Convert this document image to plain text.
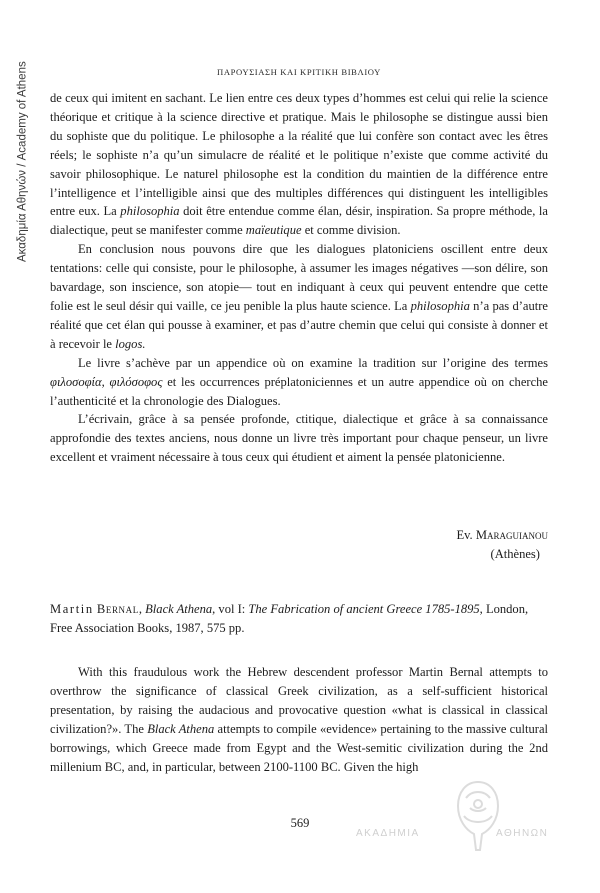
Ακαδημία Αθηνών / Academy of Athens	ΠΑΡΟΥΣΙΑΣΗ ΚΑΙ ΚΡΙΤΙΚΗ ΒΙΒΛΙΟΥ

de ceux qui imitent en sachant. Le lien entre ces deux types d’hommes est celui qui relie la science théorique et critique à la science directive et pratique. Mais le philosophe se distingue aussi bien du sophiste que du politique. Le philosophe a la réalité que lui confère son contact avec les êtres réels; le sophiste n’a qu’un simulacre de réalité et le politique n’existe que comme activité du savoir philosophique. Le naturel philosophe est la condition du maintien de la différence entre l’intelligence et l’intelligible ainsi que des multiples différences qui distinguent les intelligibles entre eux. La philosophia doit être entendue comme élan, désir, inspiration. Sa propre méthode, la dialectique, peut se manifester comme maïeutique et comme division.

En conclusion nous pouvons dire que les dialogues platoniciens oscillent entre deux tentations: celle qui consiste, pour le philosophe, à assumer les images négatives —son délire, son bavardage, son inscience, son atopie— tout en indiquant à ceux qui peuvent entendre que cette folie est le seul désir qui vaille, ce jeu penible la plus haute science. La philosophia n’a pas d’autre réalité que cet élan qui pousse à examiner, et pas d’autre chemin que celui qui consiste à donner et à recevoir le logos.

Le livre s’achève par un appendice où on examine la tradition sur l’origine des termes φιλοσοφία, φιλόσοφος et les occurrences préplatoniciennes et un autre appendice où on cherche l’authenticité et la chronologie des Dialogues.

L’écrivain, grâce à sa pensée profonde, ctitique, dialectique et grâce à sa connaissance approfondie des textes anciens, nous donne un livre très important pour chaque penseur, un livre excellent et vraiment nécessaire à tous ceux qui étudient et aiment la pensée platonicienne.

Ev. Maraguianou
(Athènes)
Martin Bernal, Black Athena, vol I: The Fabrication of ancient Greece 1785-1895, London, Free Association Books, 1987, 575 pp.

With this fraudulous work the Hebrew descendent professor Martin Bernal attempts to overthrow the significance of classical Greek civilization, as a self-sufficient historical presentation, by raising the audacious and provocative question «what is classical in classical civilization?». The Black Athena attempts to compile «evidence» pertaining to the massive cultural borrowings, which Greece made from Egypt and the West-semitic civilization during the 2nd millenium BC, and, in particular, between 2100-1100 BC. Given the high

569
ΑΚΑΔΗΜΙΑ	ΑΘΗΝΩΝ
